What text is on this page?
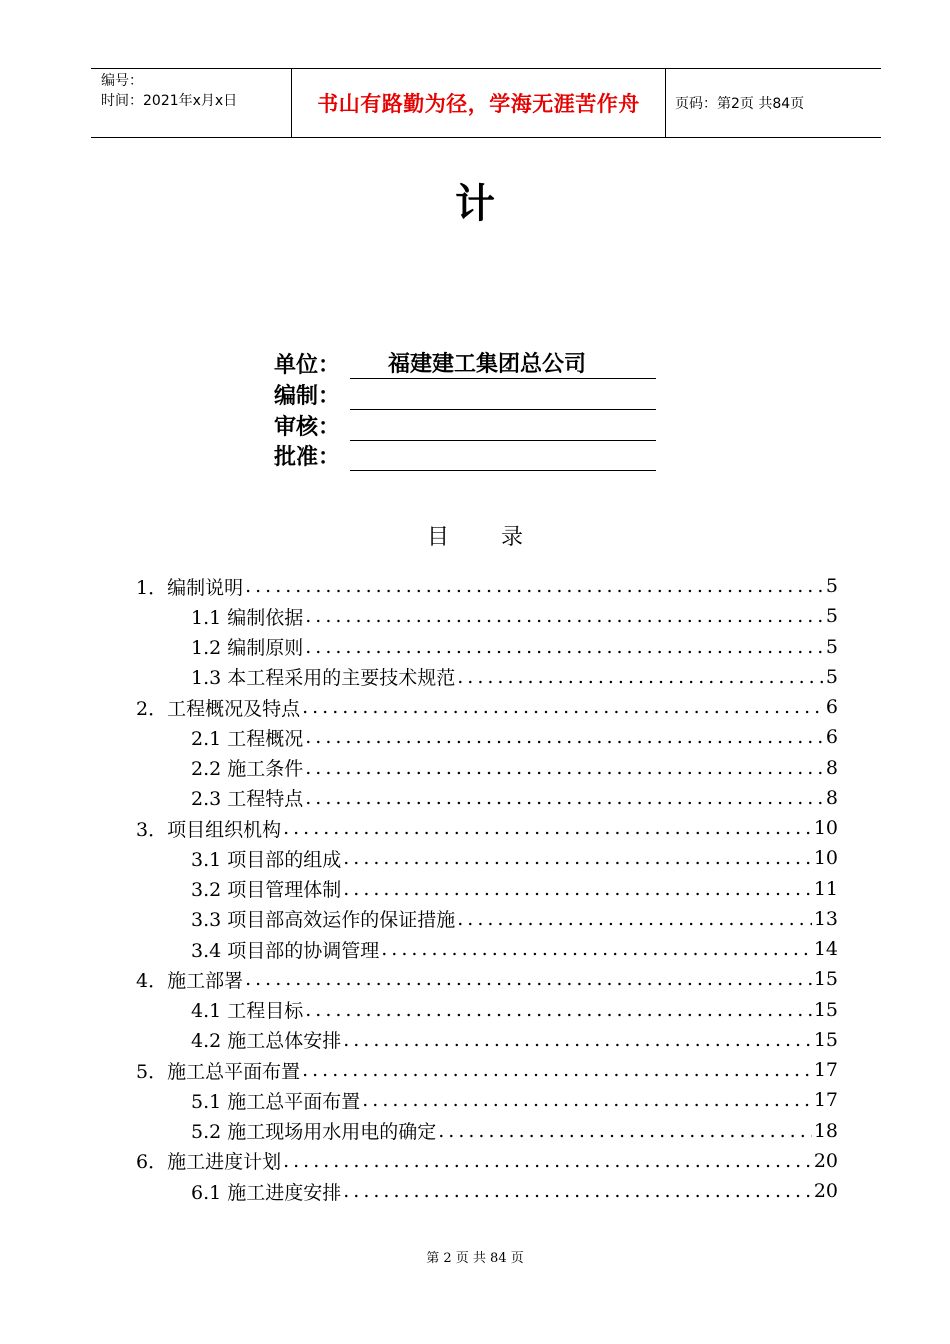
编号：
时间：2021年x月x日	书山有路勤为径，学海无涯苦作舟	页码：第2页 共84页
计
单位：	福建建工集团总公司
编制：
审核：
批准：
目 录
1．编制说明 .....	5
1.1 编制依据 .....	5
1.2 编制原则 .....	5
1.3 本工程采用的主要技术规范 .....	5
2．工程概况及特点 .....	6
2.1 工程概况 .....	6
2.2 施工条件 .....	8
2.3 工程特点 .....	8
3．项目组织机构 .....	10
3.1 项目部的组成 .....	10
3.2 项目管理体制 .....	11
3.3 项目部高效运作的保证措施 .....	13
3.4 项目部的协调管理 .....	14
4．施工部署 .....	15
4.1 工程目标 .....	15
4.2 施工总体安排 .....	15
5．施工总平面布置 .....	17
5.1 施工总平面布置 .....	17
5.2 施工现场用水用电的确定 .....	18
6．施工进度计划 .....	20
6.1 施工进度安排 .....	20
第 2 页 共 84 页
